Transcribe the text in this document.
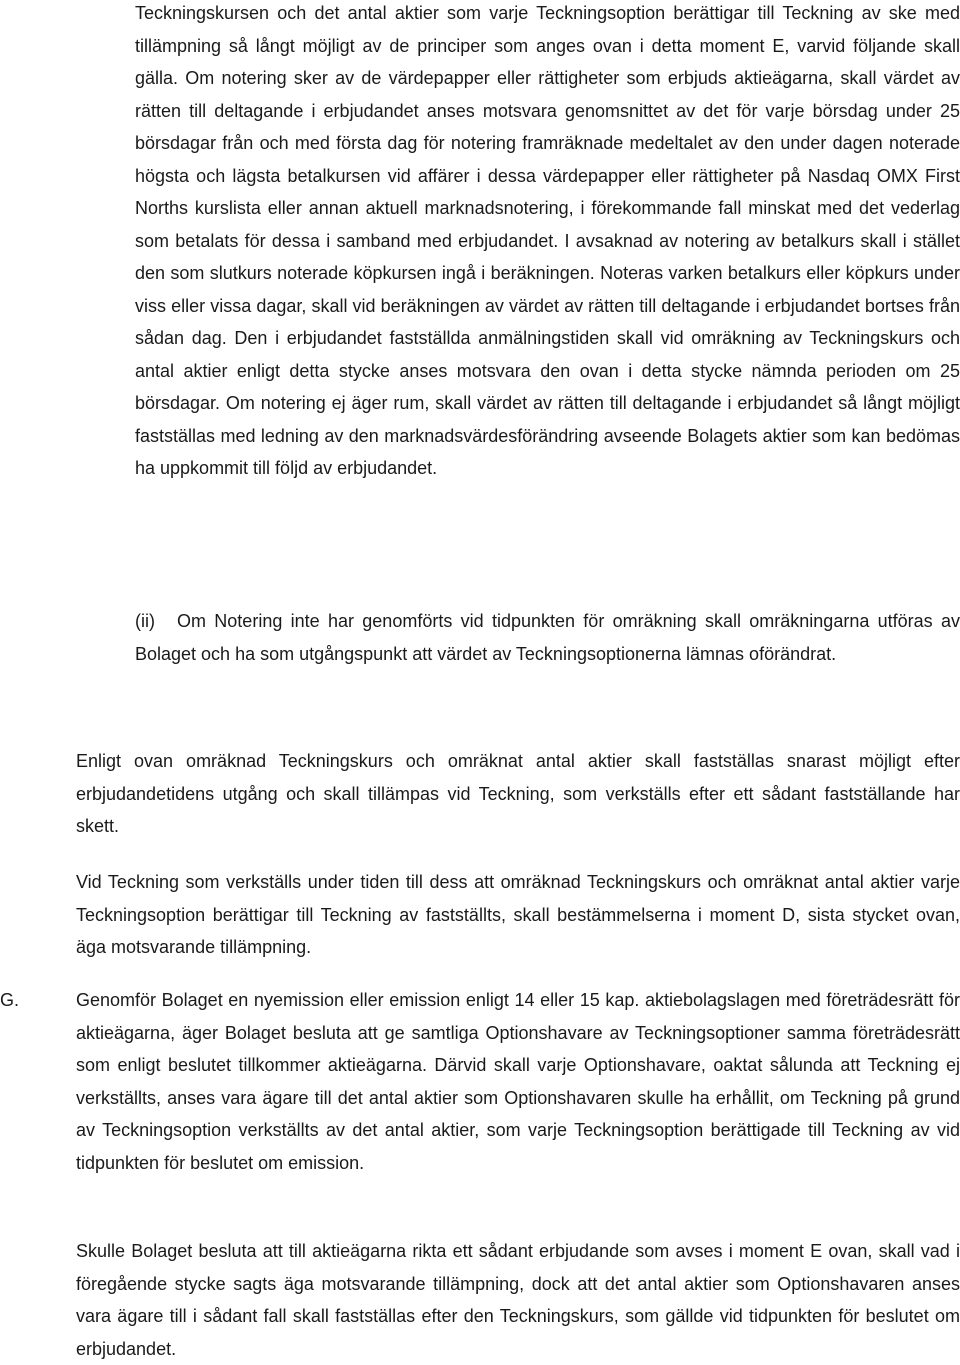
Teckningskursen och det antal aktier som varje Teckningsoption berättigar till Teckning av ske med tillämpning så långt möjligt av de principer som anges ovan i detta moment E, varvid följande skall gälla. Om notering sker av de värdepapper eller rättigheter som erbjuds aktieägarna, skall värdet av rätten till deltagande i erbjudandet anses motsvara genomsnittet av det för varje börsdag under 25 börsdagar från och med första dag för notering framräknade medeltalet av den under dagen noterade högsta och lägsta betalkursen vid affärer i dessa värdepapper eller rättigheter på Nasdaq OMX First Norths kurslista eller annan aktuell marknadsnotering, i förekommande fall minskat med det vederlag som betalats för dessa i samband med erbjudandet. I avsaknad av notering av betalkurs skall i stället den som slutkurs noterade köpkursen ingå i beräkningen. Noteras varken betalkurs eller köpkurs under viss eller vissa dagar, skall vid beräkningen av värdet av rätten till deltagande i erbjudandet bortses från sådan dag. Den i erbjudandet fastställda anmälningstiden skall vid omräkning av Teckningskurs och antal aktier enligt detta stycke anses motsvara den ovan i detta stycke nämnda perioden om 25 börsdagar. Om notering ej äger rum, skall värdet av rätten till deltagande i erbjudandet så långt möjligt fastställas med ledning av den marknadsvärdesförändring avseende Bolagets aktier som kan bedömas ha uppkommit till följd av erbjudandet.

(ii) Om Notering inte har genomförts vid tidpunkten för omräkning skall omräkningarna utföras av Bolaget och ha som utgångspunkt att värdet av Teckningsoptionerna lämnas oförändrat.

Enligt ovan omräknad Teckningskurs och omräknat antal aktier skall fastställas snarast möjligt efter erbjudandetidens utgång och skall tillämpas vid Teckning, som verkställs efter ett sådant fastställande har skett.

Vid Teckning som verkställs under tiden till dess att omräknad Teckningskurs och omräknat antal aktier varje Teckningsoption berättigar till Teckning av fastställts, skall bestämmelserna i moment D, sista stycket ovan, äga motsvarande tillämpning.

G.	Genomför Bolaget en nyemission eller emission enligt 14 eller 15 kap. aktiebolagslagen med företrädesrätt för aktieägarna, äger Bolaget besluta att ge samtliga Optionshavare av Teckningsoptioner samma företrädesrätt som enligt beslutet tillkommer aktieägarna. Därvid skall varje Optionshavare, oaktat sålunda att Teckning ej verkställts, anses vara ägare till det antal aktier som Optionshavaren skulle ha erhållit, om Teckning på grund av Teckningsoption verkställts av det antal aktier, som varje Teckningsoption berättigade till Teckning av vid tidpunkten för beslutet om emission.

Skulle Bolaget besluta att till aktieägarna rikta ett sådant erbjudande som avses i moment E ovan, skall vad i föregående stycke sagts äga motsvarande tillämpning, dock att det antal aktier som Optionshavaren anses vara ägare till i sådant fall skall fastställas efter den Teckningskurs, som gällde vid tidpunkten för beslutet om erbjudandet.
